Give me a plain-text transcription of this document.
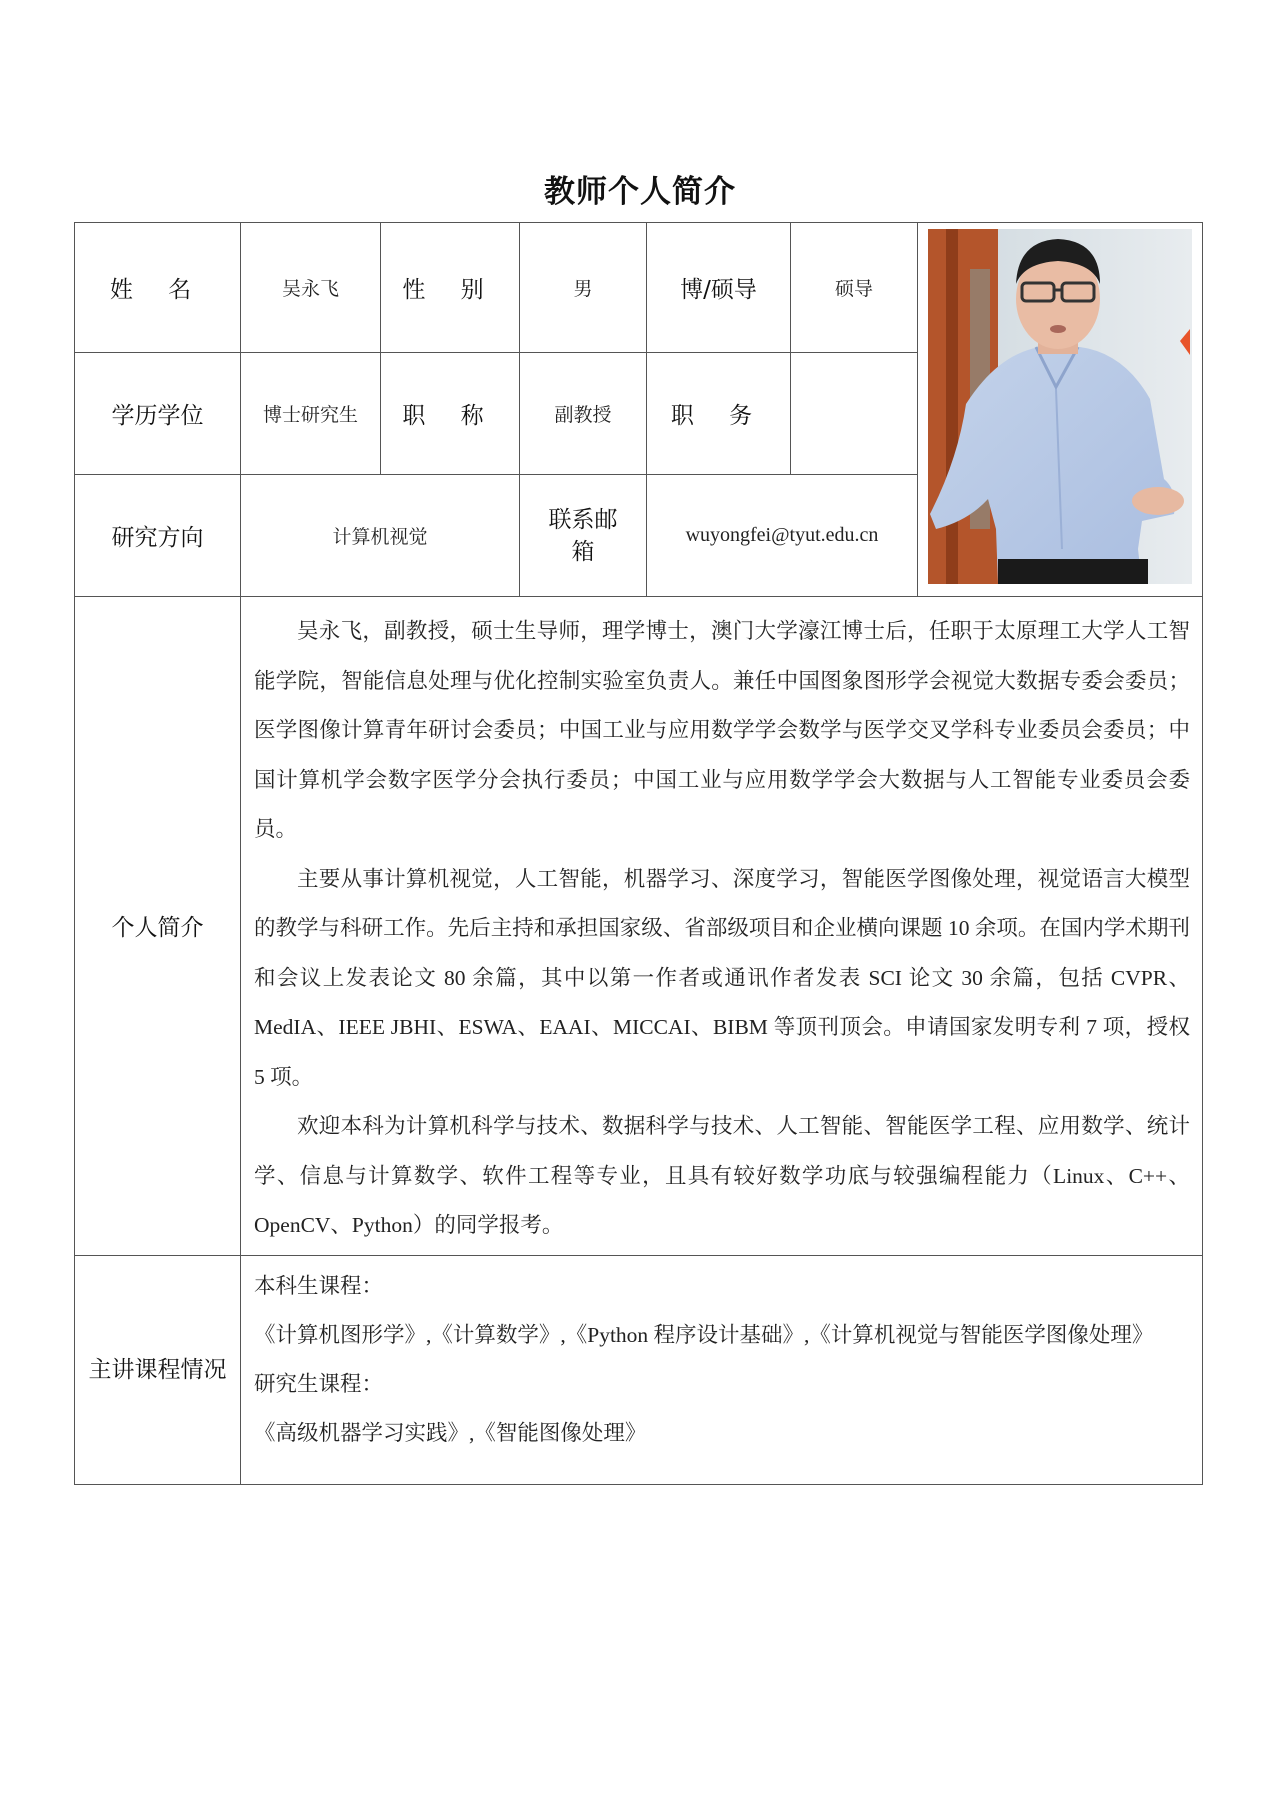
教师个人简介
姓 名	吴永飞	性 别	男	博/硕导	硕导	

学历学位	博士研究生	职 称	副教授	职 务		
研究方向	计算机视觉		联系邮箱	wuyongfei@tyut.edu.cn		
个人简介	吴永飞，副教授，硕士生导师，理学博士，澳门大学濠江博士后，任职于太原理工大学人工智能学院，智能信息处理与优化控制实验室负责人。兼任中国图象图形学会视觉大数据专委会委员；医学图像计算青年研讨会委员；中国工业与应用数学学会数学与医学交叉学科专业委员会委员；中国计算机学会数字医学分会执行委员；中国工业与应用数学学会大数据与人工智能专业委员会委员。

主要从事计算机视觉，人工智能，机器学习、深度学习，智能医学图像处理，视觉语言大模型的教学与科研工作。先后主持和承担国家级、省部级项目和企业横向课题 10 余项。在国内学术期刊和会议上发表论文 80 余篇，其中以第一作者或通讯作者发表 SCI 论文 30 余篇，包括 CVPR、MedIA、IEEE JBHI、ESWA、EAAI、MICCAI、BIBM 等顶刊顶会。申请国家发明专利 7 项，授权 5 项。

欢迎本科为计算机科学与技术、数据科学与技术、人工智能、智能医学工程、应用数学、统计学、信息与计算数学、软件工程等专业，且具有较好数学功底与较强编程能力（Linux、C++、OpenCV、Python）的同学报考。					

主讲课程情况	本科生课程：
《计算机图形学》,《计算数学》,《Python 程序设计基础》,《计算机视觉与智能医学图像处理》
研究生课程：
《高级机器学习实践》,《智能图像处理》					
